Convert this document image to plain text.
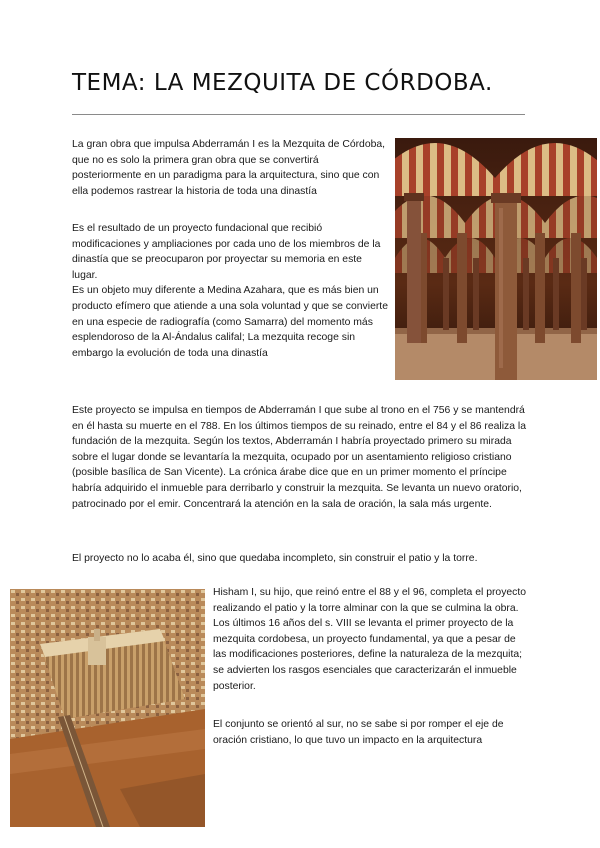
TEMA: LA MEZQUITA DE CÓRDOBA.

La gran obra que impulsa Abderramán I es la Mezquita de Córdoba, que no es solo la primera gran obra que se convertirá posteriormente en un paradigma para la arquitectura, sino que con ella podemos rastrear la historia de toda una dinastía

Es el resultado de un proyecto fundacional que recibió modificaciones y ampliaciones por cada uno de los miembros de la dinastía que se preocuparon por proyectar su memoria en este lugar.
Es un objeto muy diferente a Medina Azahara, que es más bien un producto efímero que atiende a una sola voluntad y que se convierte en una especie de radiografía (como Samarra) del momento más esplendoroso de la Al-Ándalus califal; La mezquita recoge sin embargo la evolución de toda una dinastía

Este proyecto se impulsa en tiempos de Abderramán I que sube al trono en el 756 y se mantendrá en él hasta su muerte en el 788. En los últimos tiempos de su reinado, entre el 84 y el 86 realiza la fundación de la mezquita. Según los textos, Abderramán I habría proyectado primero su mirada sobre el lugar donde se levantaría la mezquita, ocupado por un asentamiento religioso cristiano (posible basílica de San Vicente). La crónica árabe dice que en un primer momento el príncipe habría adquirido el inmueble para derribarlo y construir la mezquita. Se levanta un nuevo oratorio, patrocinado por el emir. Concentrará la atención en la sala de oración, la sala más urgente.

El proyecto no lo acaba él, sino que quedaba incompleto, sin construir el patio y la torre.

Hisham I, su hijo, que reinó entre el 88 y el 96, completa el proyecto realizando el patio y la torre alminar con la que se culmina la obra. Los últimos 16 años del s. VIII se levanta el primer proyecto de la mezquita cordobesa, un proyecto fundamental, ya que a pesar de las modificaciones posteriores, define la naturaleza de la mezquita; se advierten los rasgos esenciales que caracterizarán el inmueble posterior.

El conjunto se orientó al sur, no se sabe si por romper el eje de oración cristiano, lo que tuvo un impacto en la arquitectura
